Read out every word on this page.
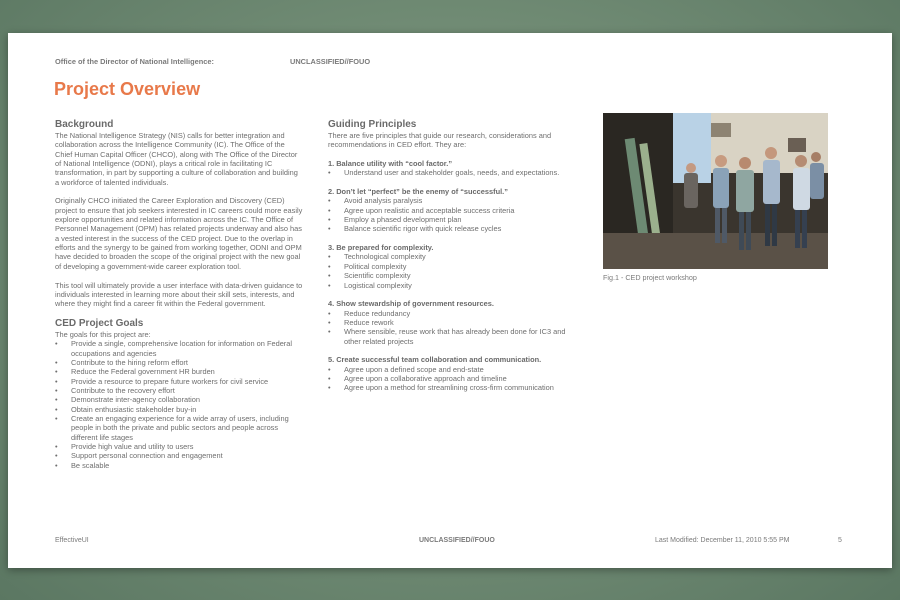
Office of the Director of National Intelligence:	UNCLASSIFIED//FOUO
Project Overview
Background

The National Intelligence Strategy (NIS) calls for better integration and collaboration across the Intelligence Community (IC). The Office of the Chief Human Capital Officer (CHCO), along with The Office of the Director of National Intelligence (ODNI), plays a critical role in facilitating IC transformation, in part by supporting a culture of collaboration and building a workforce of talented individuals.

Originally CHCO initiated the Career Exploration and Discovery (CED) project to ensure that job seekers interested in IC careers could more easily explore opportunities and related information across the IC. The Office of Personnel Management (OPM) has related projects underway and also has a vested interest in the success of the CED project. Due to the overlap in efforts and the synergy to be gained from working together, ODNI and OPM have decided to broaden the scope of the original project with the new goal of developing a government-wide career exploration tool.

This tool will ultimately provide a user interface with data-driven guidance to individuals interested in learning more about their skill sets, interests, and where they might find a career fit within the Federal government.

CED Project Goals
The goals for this project are:
• Provide a single, comprehensive location for information on Federal occupations and agencies
• Contribute to the hiring reform effort
• Reduce the Federal government HR burden
• Provide a resource to prepare future workers for civil service
• Contribute to the recovery effort
• Demonstrate inter-agency collaboration
• Obtain enthusiastic stakeholder buy-in
• Create an engaging experience for a wide array of users, including people in both the private and public sectors and people across different life stages
• Provide high value and utility to users
• Support personal connection and engagement
• Be scalable
Guiding Principles

There are five principles that guide our research, considerations and recommendations in CED effort. They are:

1. Balance utility with “cool factor.”
• Understand user and stakeholder goals, needs, and expectations.
2. Don’t let “perfect” be the enemy of “successful.”
• Avoid analysis paralysis
• Agree upon realistic and acceptable success criteria
• Employ a phased development plan
• Balance scientific rigor with quick release cycles
3. Be prepared for complexity.
• Technological complexity
• Political complexity
• Scientific complexity
• Logistical complexity
4. Show stewardship of government resources.
• Reduce redundancy
• Reduce rework
• Where sensible, reuse work that has already been done for IC3 and other related projects
5. Create successful team collaboration and communication.
• Agree upon a defined scope and end-state
• Agree upon a collaborative approach and timeline
• Agree upon a method for streamlining cross-firm communication
Fig.1 - CED project workshop
EffectiveUI	UNCLASSIFIED//FOUO	Last Modified: December 11, 2010 5:55 PM	5
